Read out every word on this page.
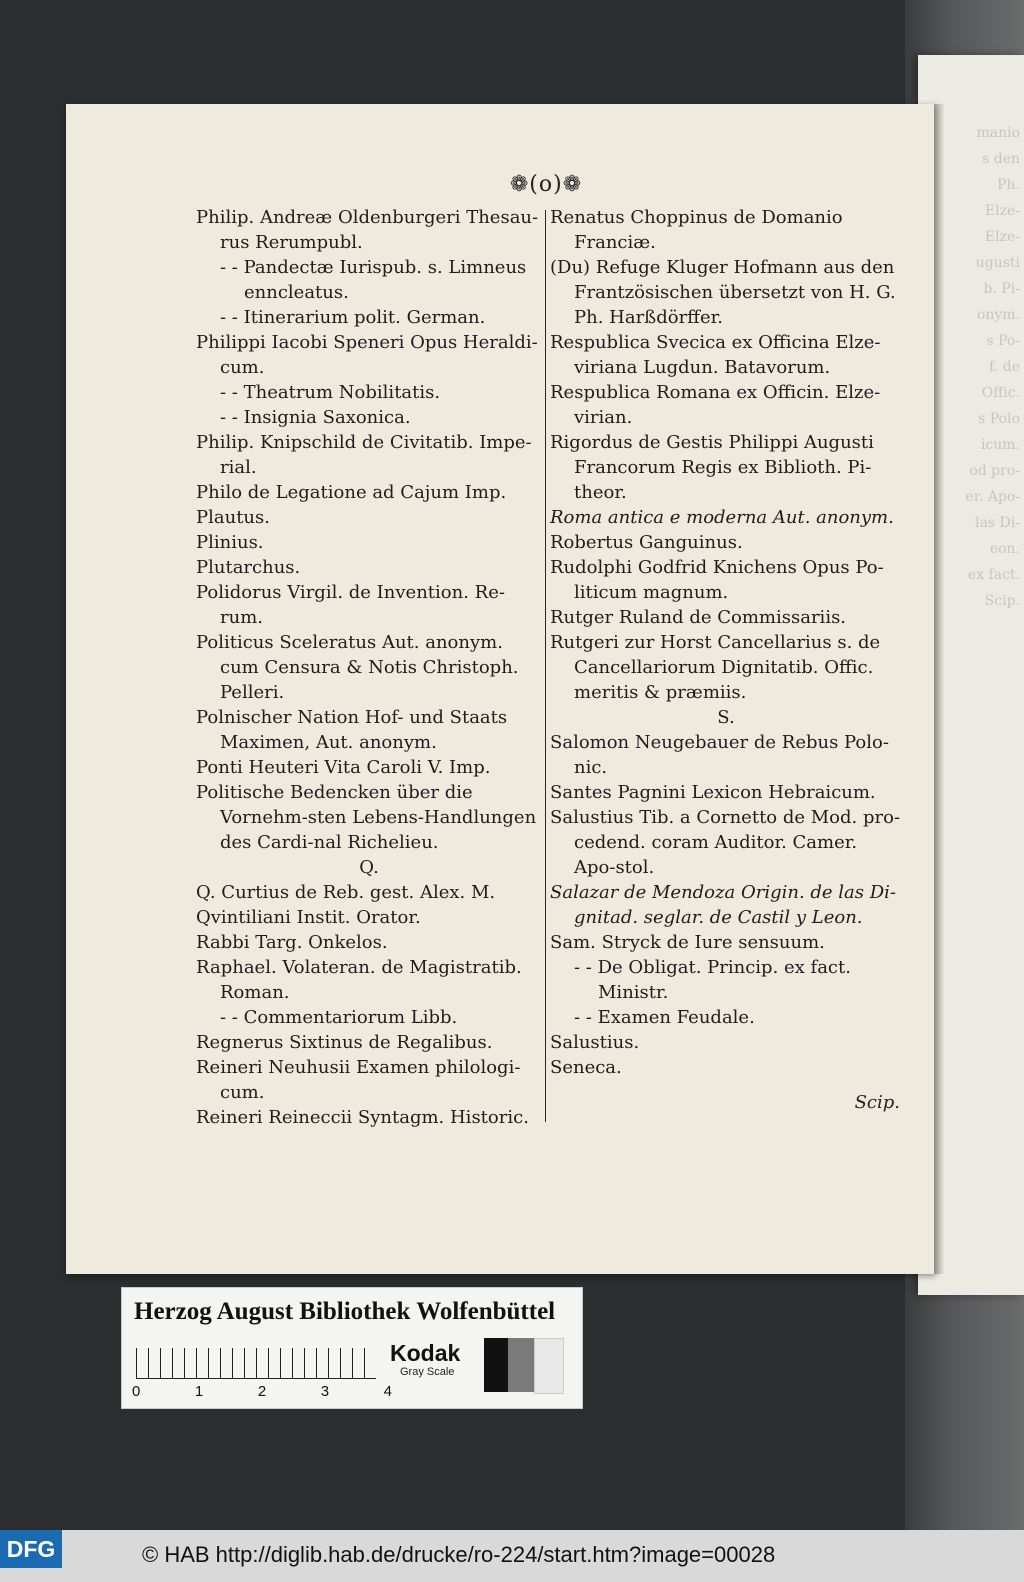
manio
s den
Ph.
Elze-
Elze-
ugusti
b. Pi-
onym.
s Po-
f. de
Offic.
s Polo
icum.
od pro-
er. Apo-
las Di-
eon.
ex fact.
Scip.
❁(o)❁

Philip. Andreæ Oldenburgeri Thesau-rus Rerumpubl.

- - Pandectæ Iurispub. s. Limneus enncleatus.

- - Itinerarium polit. German.

Philippi Iacobi Speneri Opus Heraldi-cum.

- - Theatrum Nobilitatis.

- - Insignia Saxonica.

Philip. Knipschild de Civitatib. Impe-rial.

Philo de Legatione ad Cajum Imp.

Plautus.

Plinius.

Plutarchus.

Polidorus Virgil. de Invention. Re-rum.

Politicus Sceleratus Aut. anonym. cum Censura & Notis Christoph. Pelleri.

Polnischer Nation Hof- und Staats Maximen, Aut. anonym.

Ponti Heuteri Vita Caroli V. Imp.

Politische Bedencken über die Vornehm-sten Lebens-Handlungen des Cardi-nal Richelieu.

Q.

Q. Curtius de Reb. gest. Alex. M.

Qvintiliani Instit. Orator.

Rabbi Targ. Onkelos.

Raphael. Volateran. de Magistratib. Roman.

- - Commentariorum Libb.

Regnerus Sixtinus de Regalibus.

Reineri Neuhusii Examen philologi-cum.

Reineri Reineccii Syntagm. Historic.

Renatus Choppinus de Domanio Franciæ.

(Du) Refuge Kluger Hofmann aus den Frantzösischen übersetzt von H. G. Ph. Harßdörffer.

Respublica Svecica ex Officina Elze-viriana Lugdun. Batavorum.

Respublica Romana ex Officin. Elze-virian.

Rigordus de Gestis Philippi Augusti Francorum Regis ex Biblioth. Pi-theor.

Roma antica e moderna Aut. anonym.

Robertus Ganguinus.

Rudolphi Godfrid Knichens Opus Po-liticum magnum.

Rutger Ruland de Commissariis.

Rutgeri zur Horst Cancellarius s. de Cancellariorum Dignitatib. Offic. meritis & præmiis.

S.

Salomon Neugebauer de Rebus Polo-nic.

Santes Pagnini Lexicon Hebraicum.

Salustius Tib. a Cornetto de Mod. pro-cedend. coram Auditor. Camer. Apo-stol.

Salazar de Mendoza Origin. de las Di-gnitad. seglar. de Castil y Leon.

Sam. Stryck de Iure sensuum.

- - De Obligat. Princip. ex fact. Ministr.

- - Examen Feudale.

Salustius.

Seneca.

Scip.
Herzog August Bibliothek Wolfenbüttel
0	1	2	3	4
Kodak
Gray Scale
DFG	© HAB http://diglib.hab.de/drucke/ro-224/start.htm?image=00028
